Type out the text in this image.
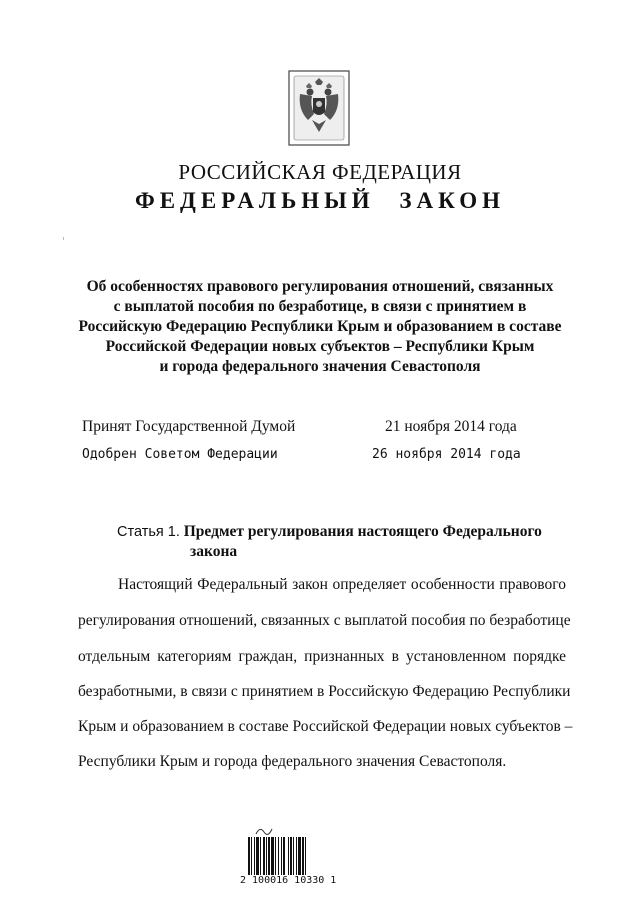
РОССИЙСКАЯ ФЕДЕРАЦИЯ
ФЕДЕРАЛЬНЫЙ ЗАКОН
Об особенностях правового регулирования отношений, связанных
с выплатой пособия по безработице, в связи с принятием в
Российскую Федерацию Республики Крым и образованием в составе
Российской Федерации новых субъектов – Республики Крым
и города федерального значения Севастополя
Принят Государственной Думой	21 ноября 2014 года
Одобрен Советом Федерации	26 ноября 2014 года
Статья 1. Предмет регулирования настоящего Федерального
закона
Настоящий Федеральный закон определяет особенности правового
регулирования отношений, связанных с выплатой пособия по безработице
отдельным категориям граждан, признанных в установленном порядке
безработными, в связи с принятием в Российскую Федерацию Республики
Крым и образованием в составе Российской Федерации новых субъектов –
Республики Крым и города федерального значения Севастополя.
2 100016 10330 1
